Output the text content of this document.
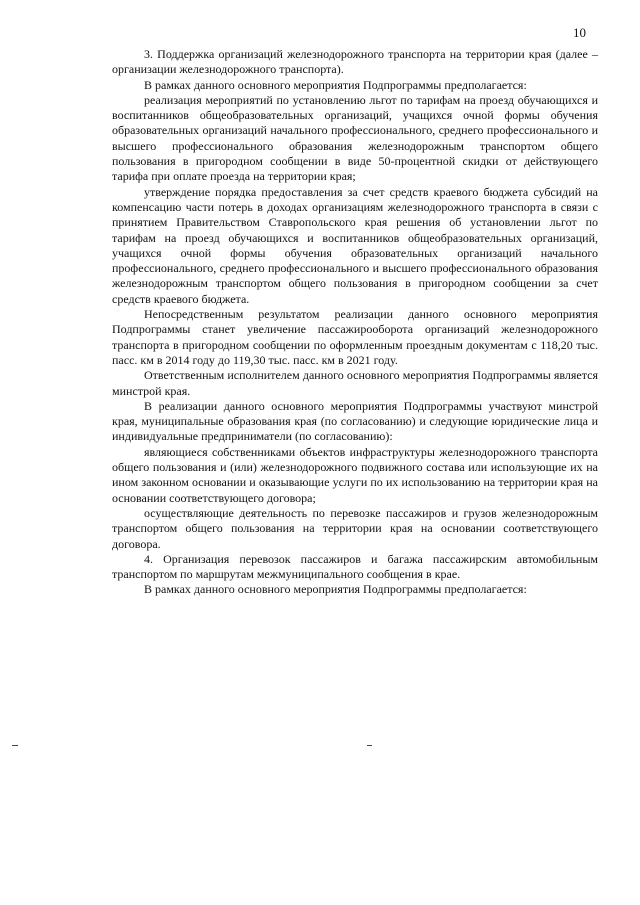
10

3. Поддержка организаций железнодорожного транспорта на территории края (далее – организации железнодорожного транспорта).

В рамках данного основного мероприятия Подпрограммы предполагается:

реализация мероприятий по установлению льгот по тарифам на проезд обучающихся и воспитанников общеобразовательных организаций, учащихся очной формы обучения образовательных организаций начального профессионального, среднего профессионального и высшего профессионального образования железнодорожным транспортом общего пользования в пригородном сообщении в виде 50-процентной скидки от действующего тарифа при оплате проезда на территории края;

утверждение порядка предоставления за счет средств краевого бюджета субсидий на компенсацию части потерь в доходах организациям железнодорожного транспорта в связи с принятием Правительством Ставропольского края решения об установлении льгот по тарифам на проезд обучающихся и воспитанников общеобразовательных организаций, учащихся очной формы обучения образовательных организаций начального профессионального, среднего профессионального и высшего профессионального образования железнодорожным транспортом общего пользования в пригородном сообщении за счет средств краевого бюджета.

Непосредственным результатом реализации данного основного мероприятия Подпрограммы станет увеличение пассажирооборота организаций железнодорожного транспорта в пригородном сообщении по оформленным проездным документам с 118,20 тыс. пасс. км в 2014 году до 119,30 тыс. пасс. км в 2021 году.

Ответственным исполнителем данного основного мероприятия Подпрограммы является минстрой края.

В реализации данного основного мероприятия Подпрограммы участвуют минстрой края, муниципальные образования края (по согласованию) и следующие юридические лица и индивидуальные предприниматели (по согласованию):

являющиеся собственниками объектов инфраструктуры железнодорожного транспорта общего пользования и (или) железнодорожного подвижного состава или использующие их на ином законном основании и оказывающие услуги по их использованию на территории края на основании соответствующего договора;

осуществляющие деятельность по перевозке пассажиров и грузов железнодорожным транспортом общего пользования на территории края на основании соответствующего договора.

4. Организация перевозок пассажиров и багажа пассажирским автомобильным транспортом по маршрутам межмуниципального сообщения в крае.

В рамках данного основного мероприятия Подпрограммы предполагается:
